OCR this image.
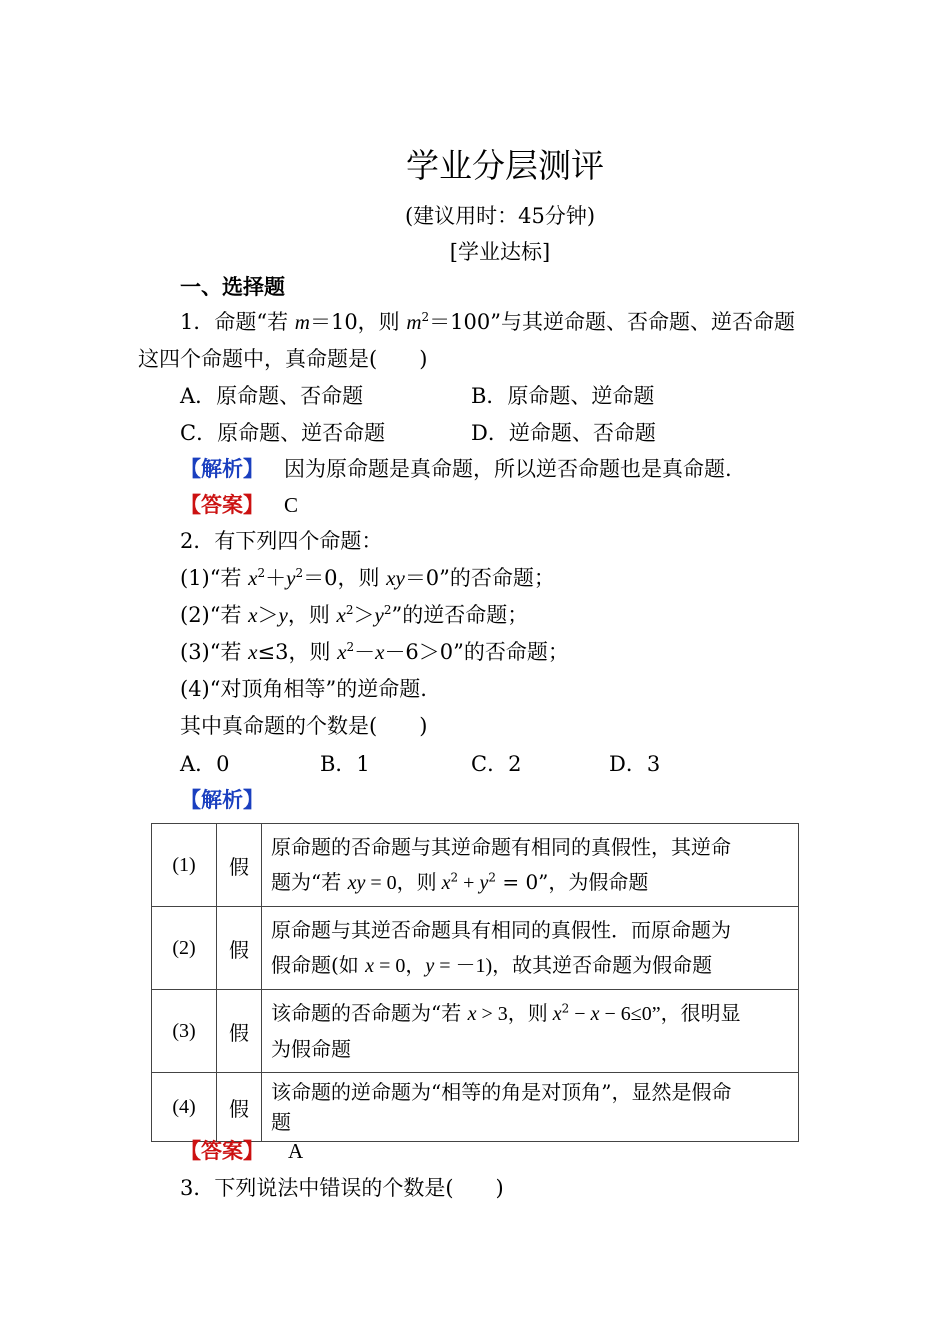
学业分层测评
(建议用时：45分钟)
[学业达标]
一、选择题
1．命题“若 m＝10，则 $m^2=100$”与其逆命题、否命题、逆否命题
这四个命题中，真命题是(　　)
A．原命题、否命题	B．原命题、逆命题
C．原命题、逆否命题	D．逆命题、否命题
【解析】 因为原命题是真命题，所以逆否命题也是真命题.
【答案】 C
2．有下列四个命题：
(1)“若 $x^2+y^2=0$，则 xy＝0”的否命题；
(2)“若 x＞y，则 $x^2>y^2$”的逆否命题；
(3)“若 x≤3，则 $x^2-x-6>0$”的否命题；
(4)“对顶角相等”的逆命题.
其中真命题的个数是(　　)
A．0	B．1	C．2	D．3
【解析】
(1)	假	原命题的否命题与其逆命题有相同的真假性，其逆命
题为“若 xy = 0，则 $x^2 + y^2 = 0$”，为假命题

(2)	假	原命题与其逆否命题具有相同的真假性．而原命题为
假命题(如 x = 0，y = －1)，故其逆否命题为假命题

(3)	假	该命题的否命题为“若 x > 3，则 $x^2 - x - 6\le 0$”，很明显
为假命题

(4)	假	该命题的逆命题为“相等的角是对顶角”，显然是假命
题
【答案】 A
3．下列说法中错误的个数是(　　)
